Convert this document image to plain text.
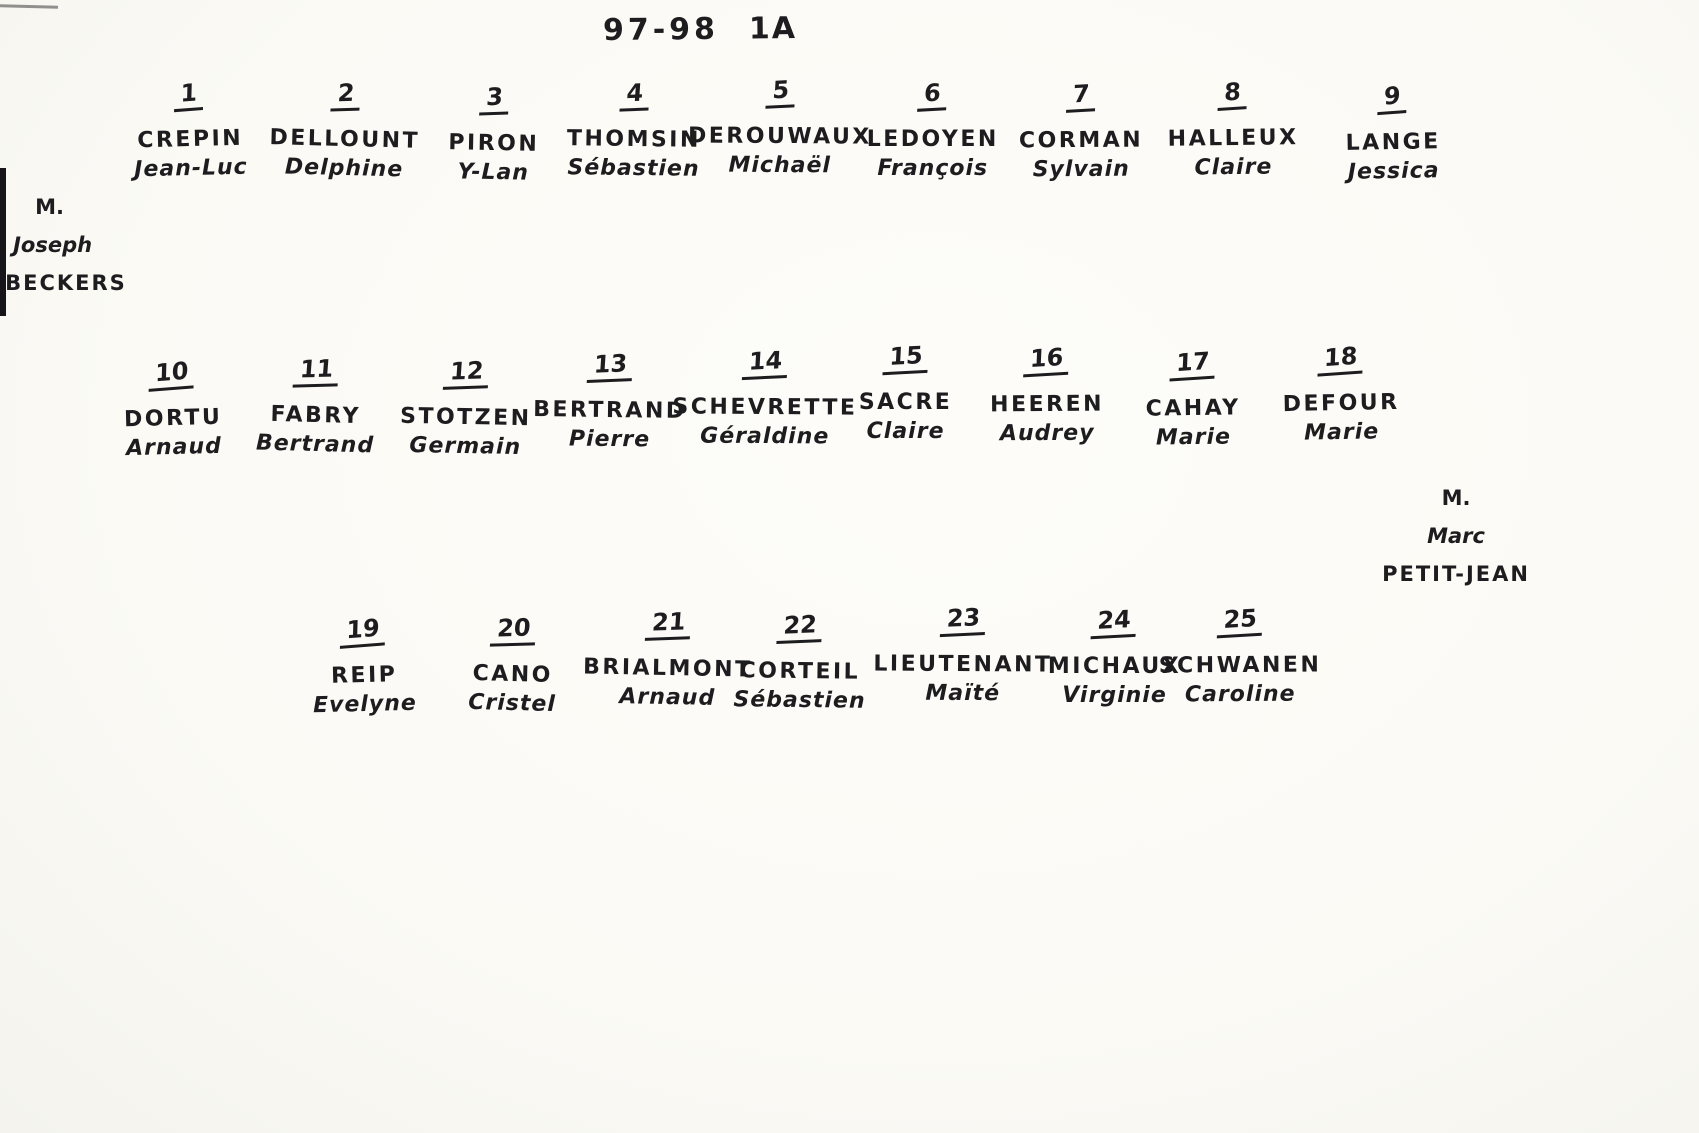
97-98 1A
1
CREPIN
Jean-Luc
2
DELLOUNT
Delphine
3
PIRON
Y-Lan
4
THOMSIN
Sébastien
5
DEROUWAUX
Michaël
6
LEDOYEN
François
7
CORMAN
Sylvain
8
HALLEUX
Claire
9
LANGE
Jessica
10
DORTU
Arnaud
11
FABRY
Bertrand
12
STOTZEN
Germain
13
BERTRAND
Pierre
14
SCHEVRETTE
Géraldine
15
SACRE
Claire
16
HEEREN
Audrey
17
CAHAY
Marie
18
DEFOUR
Marie
19
REIP
Evelyne
20
CANO
Cristel
21
BRIALMONT
Arnaud
22
CORTEIL
Sébastien
23
LIEUTENANT
Maïté
24
MICHAUX
Virginie
25
SCHWANEN
Caroline
M.
Joseph
BECKERS
M.
Marc
PETIT-JEAN
